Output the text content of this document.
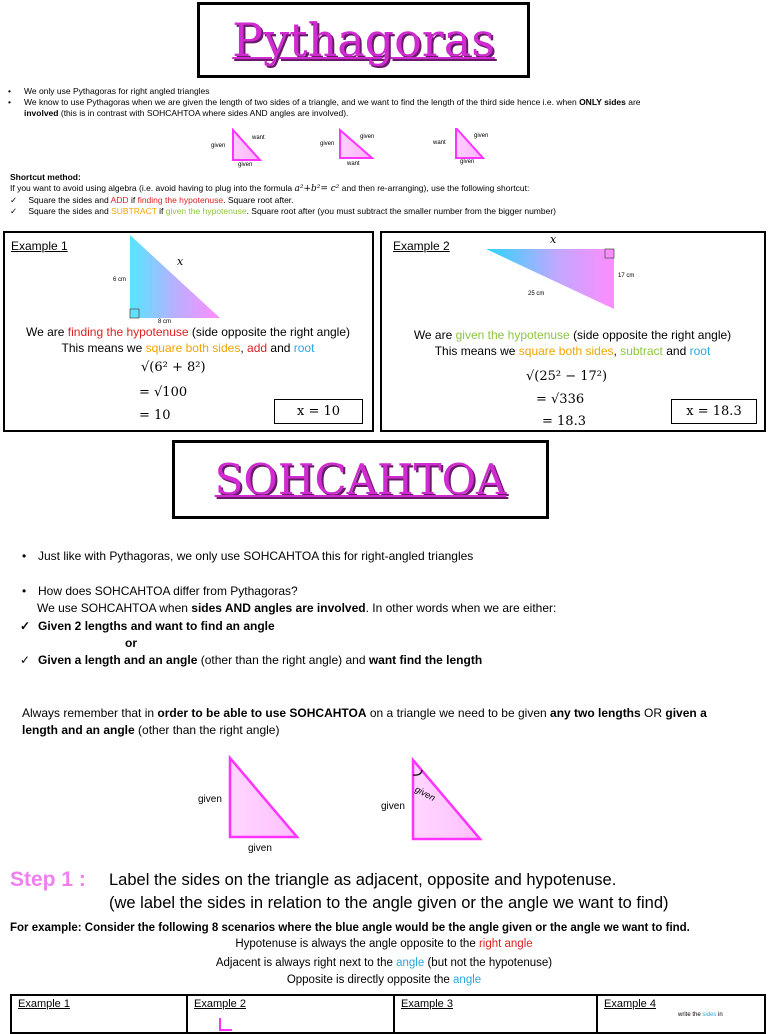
Pythagoras
• We only use Pythagoras for right angled triangles
• We know to use Pythagoras when we are given the length of two sides of a triangle, and we want to find the length of the third side hence i.e. when ONLY sides are
involved (this is in contrast with SOHCAHTOA where sides AND angles are involved).
given
want
given
given
given
want
want
given
given
Shortcut method:
If you want to avoid using algebra (i.e. avoid having to plug into the formula a²+b²= c² and then re-arranging), use the following shortcut:
✓ Square the sides and ADD if finding the hypotenuse. Square root after.
✓ Square the sides and SUBTRACT if given the hypotenuse. Square root after (you must subtract the smaller number from the bigger number)
Example 1
6 cm
8 cm
x
We are finding the hypotenuse (side opposite the right angle)
This means we square both sides, add and root
√(6² + 8²)
= √100
= 10	x = 10
Example 2	x
17 cm
25 cm
We are given the hypotenuse (side opposite the right angle)
This means we square both sides, subtract and root
√(25² − 17²)
= √336
= 18.3
x = 18.3
SOHCAHTOA
• Just like with Pythagoras, we only use SOHCAHTOA this for right-angled triangles
• How does SOHCAHTOA differ from Pythagoras?
We use SOHCAHTOA when sides AND angles are involved. In other words when we are either:
✓ Given 2 lengths and want to find an angle
or
✓ Given a length and an angle (other than the right angle) and want find the length
Always remember that in order to be able to use SOHCAHTOA on a triangle we need to be given any two lengths OR given a length and an angle (other than the right angle)
given
given
given
given
Step 1 : Label the sides on the triangle as adjacent, opposite and hypotenuse.
(we label the sides in relation to the angle given or the angle we want to find)
For example: Consider the following 8 scenarios where the blue angle would be the angle given or the angle we want to find.
Hypotenuse is always the angle opposite to the right angle
Adjacent is always right next to the angle (but not the hypotenuse)
Opposite is directly opposite the angle
Example 1	Example 2	Example 3	Example 4
write the sides in
